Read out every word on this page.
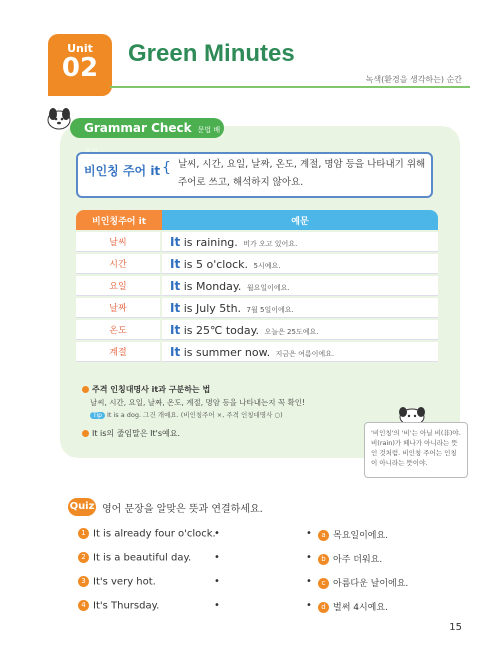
Unit
02	Green Minutes
녹색(환경을 생각하는) 순간
Grammar Check 문법 배
비인칭 주어 it { 날씨, 시간, 요일, 날짜, 온도, 계절, 명암 등을 나타내기 위해
주어로 쓰고, 해석하지 않아요.
비인칭주어 it	예문
날씨	It is raining. 비가 오고 있어요.
시간	It is 5 o'clock. 5시예요.
요일	It is Monday. 월요일이에요.
날짜	It is July 5th. 7월 5일이에요.
온도	It is 25℃ today. 오늘은 25도예요.
계절	It is summer now. 지금은 여름이에요.
주격 인칭대명사 it과 구분하는 법
날씨, 시간, 요일, 날짜, 온도, 계절, 명암 등을 나타내는지 꼭 확인!
Tip It is a dog. 그건 개예요. (비인칭주어 ×, 주격 인칭대명사 ○)
It is의 줄임말은 It's예요.	'비인칭'의 '비'는 아닐 비(非)야. 비(rain)가 떼나가 아니라는 뜻인 것처럼. 비인칭 주어는 인칭이 아니라는 뜻이야.
Quiz 영어 문장을 알맞은 뜻과 연결하세요.
1 It is already four o'clock.
2 It is a beautiful day.
3 It's very hot.
4 It's Thursday.
•
•
•
•
•
•
•
•
a 목요일이에요.
b 아주 더워요.
c 아름다운 날이에요.
d 벌써 4시예요.
15
